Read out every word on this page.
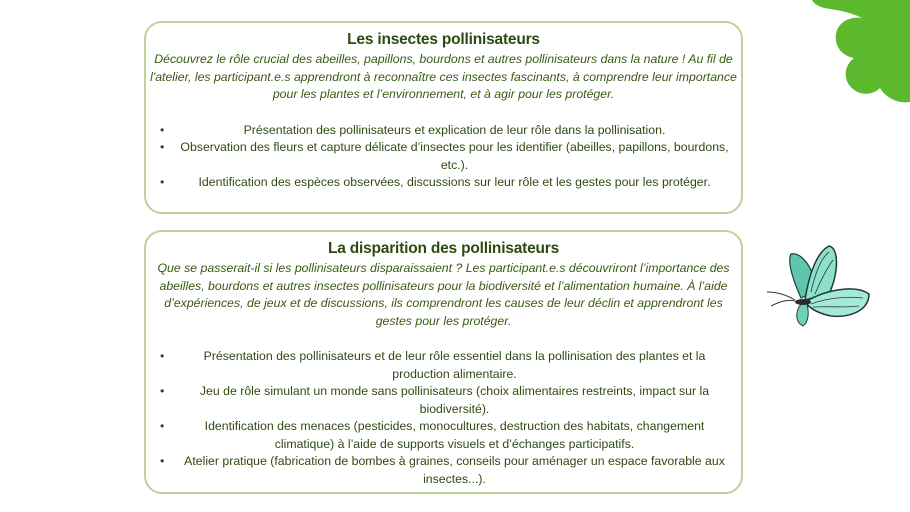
Les insectes pollinisateurs

Découvrez le rôle crucial des abeilles, papillons, bourdons et autres pollinisateurs dans la nature ! Au fil de l'atelier, les participant.e.s apprendront à reconnaître ces insectes fascinants, à comprendre leur importance pour les plantes et l’environnement, et à agir pour les protéger.

• Présentation des pollinisateurs et explication de leur rôle dans la pollinisation.
• Observation des fleurs et capture délicate d’insectes pour les identifier (abeilles, papillons, bourdons, etc.).
• Identification des espèces observées, discussions sur leur rôle et les gestes pour les protéger.
La disparition des pollinisateurs

Que se passerait-il si les pollinisateurs disparaissaient ? Les participant.e.s découvriront l’importance des abeilles, bourdons et autres insectes pollinisateurs pour la biodiversité et l’alimentation humaine. À l’aide d’expériences, de jeux et de discussions, ils comprendront les causes de leur déclin et apprendront les gestes pour les protéger.

• Présentation des pollinisateurs et de leur rôle essentiel dans la pollinisation des plantes et la production alimentaire.
• Jeu de rôle simulant un monde sans pollinisateurs (choix alimentaires restreints, impact sur la biodiversité).
• Identification des menaces (pesticides, monocultures, destruction des habitats, changement climatique) à l’aide de supports visuels et d’échanges participatifs.
• Atelier pratique (fabrication de bombes à graines, conseils pour aménager un espace favorable aux insectes...).
